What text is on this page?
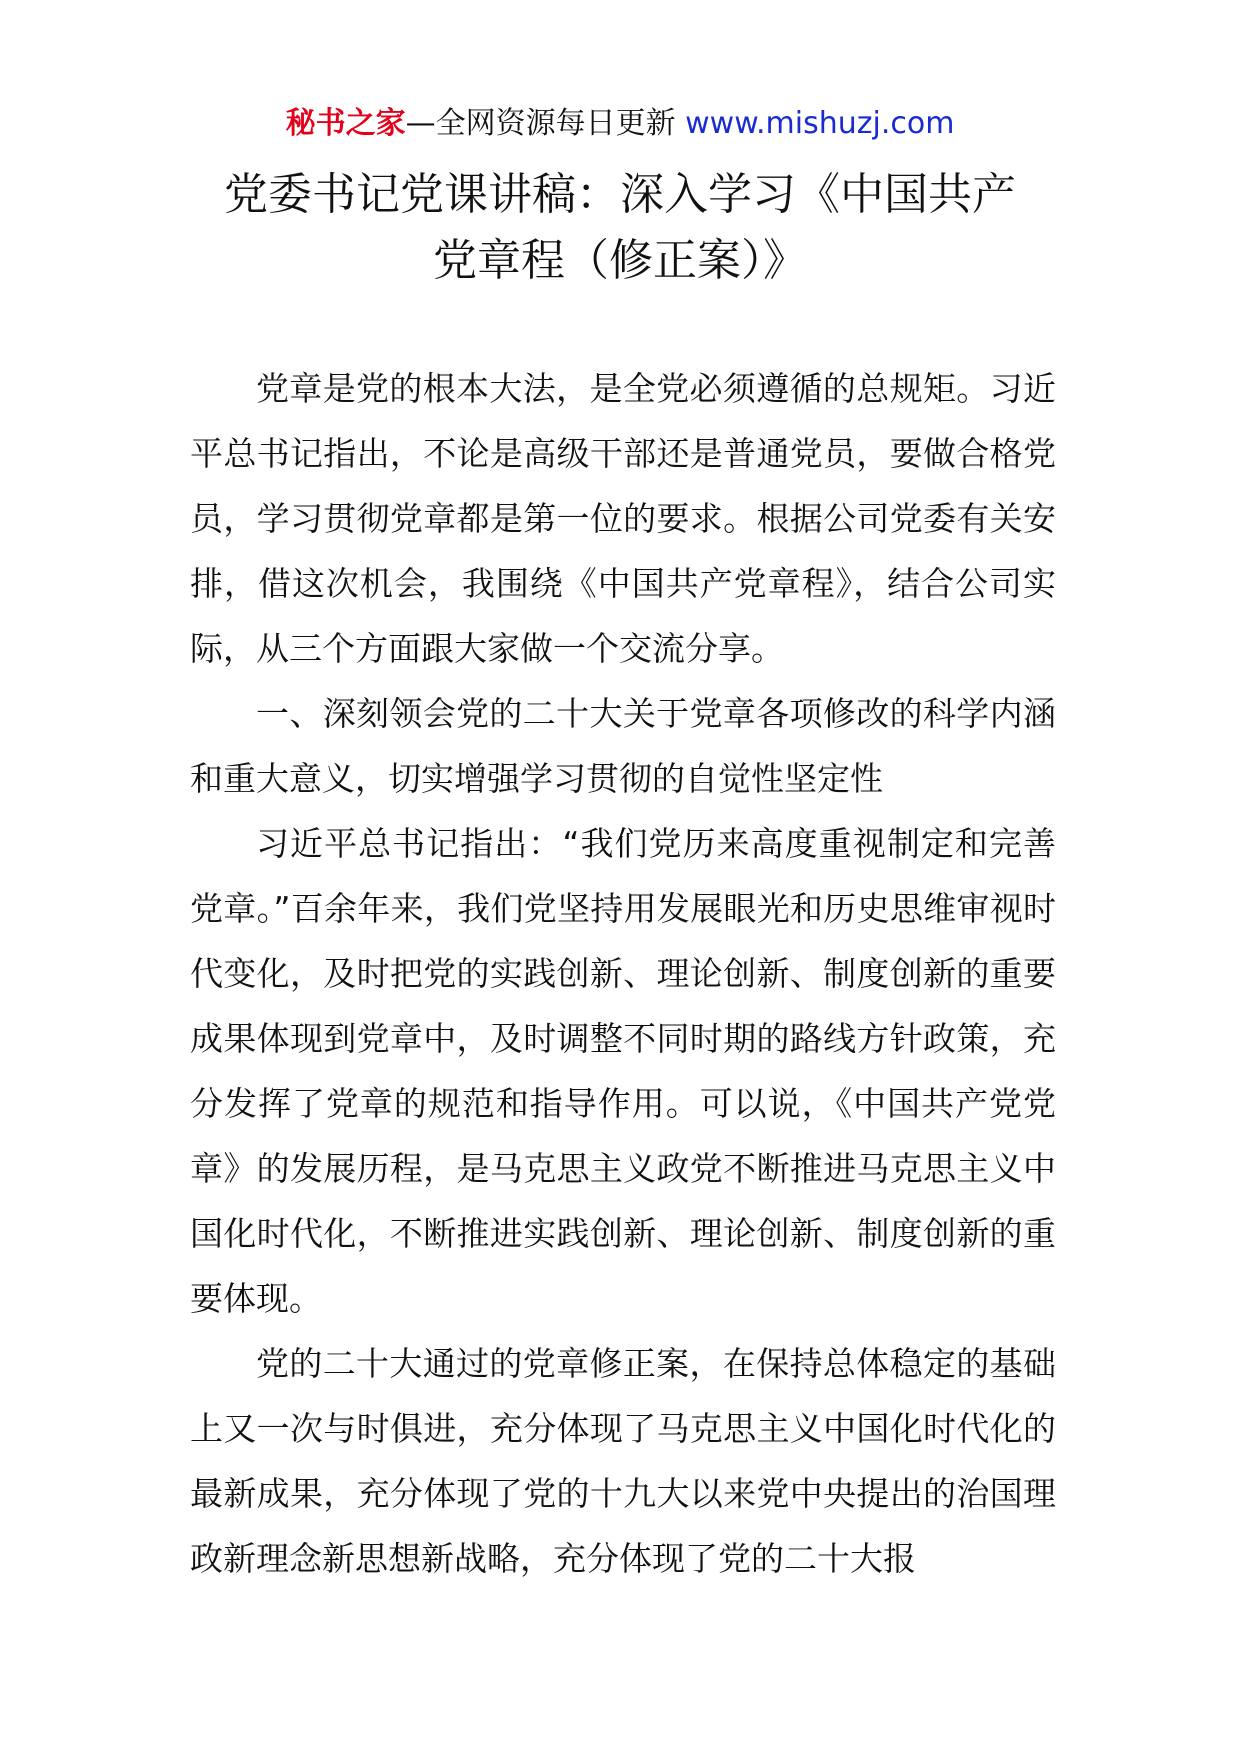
秘书之家—全网资源每日更新 www.mishuzj.com
党委书记党课讲稿：深入学习《中国共产
党章程（修正案）》

党章是党的根本大法，是全党必须遵循的总规矩。习近平总书记指出，不论是高级干部还是普通党员，要做合格党员，学习贯彻党章都是第一位的要求。根据公司党委有关安排，借这次机会，我围绕《中国共产党章程》，结合公司实际，从三个方面跟大家做一个交流分享。

一、深刻领会党的二十大关于党章各项修改的科学内涵和重大意义，切实增强学习贯彻的自觉性坚定性

习近平总书记指出：“我们党历来高度重视制定和完善党章。”百余年来，我们党坚持用发展眼光和历史思维审视时代变化，及时把党的实践创新、理论创新、制度创新的重要成果体现到党章中，及时调整不同时期的路线方针政策，充分发挥了党章的规范和指导作用。可以说，《中国共产党党章》的发展历程，是马克思主义政党不断推进马克思主义中国化时代化，不断推进实践创新、理论创新、制度创新的重要体现。

党的二十大通过的党章修正案，在保持总体稳定的基础上又一次与时俱进，充分体现了马克思主义中国化时代化的最新成果，充分体现了党的十九大以来党中央提出的治国理政新理念新思想新战略，充分体现了党的二十大报
